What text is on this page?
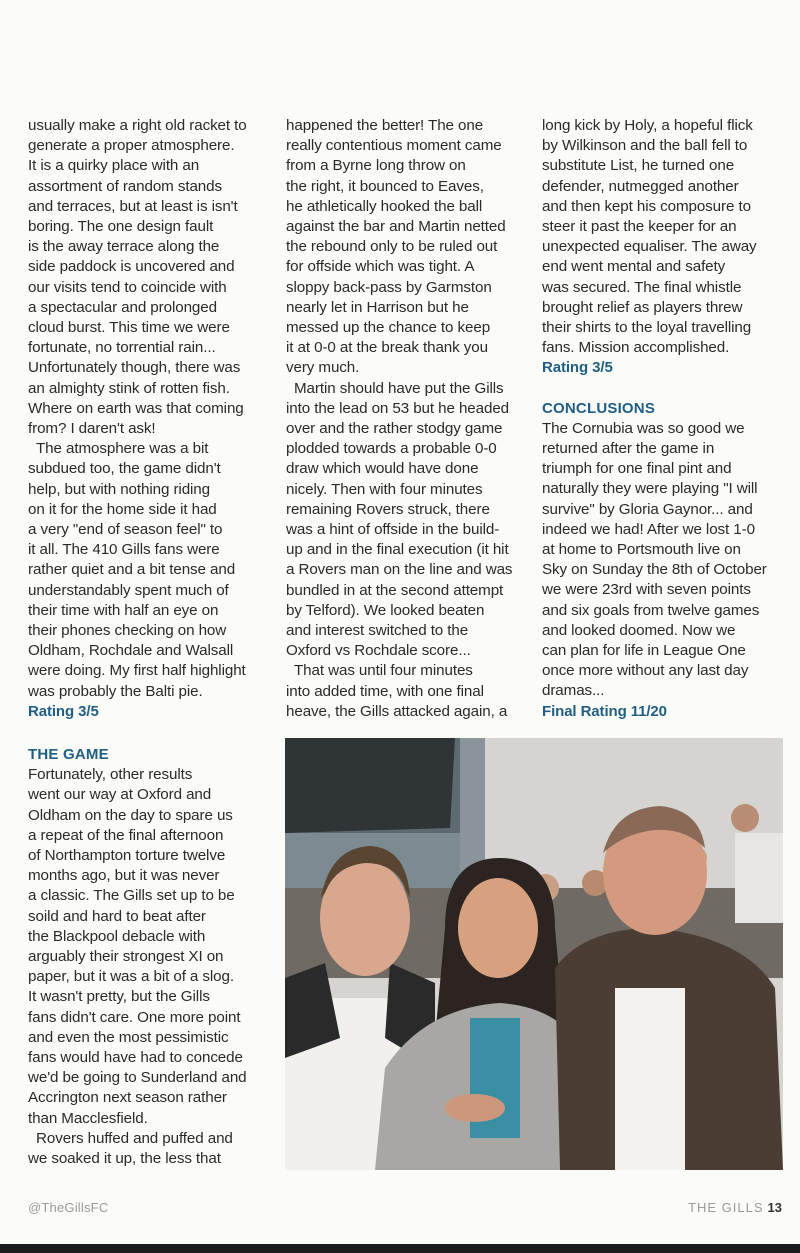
usually make a right old racket to
generate a proper atmosphere.
It is a quirky place with an
assortment of random stands
and terraces, but at least is isn't
boring. The one design fault
is the away terrace along the
side paddock is uncovered and
our visits tend to coincide with
a spectacular and prolonged
cloud burst. This time we were
fortunate, no torrential rain...
Unfortunately though, there was
an almighty stink of rotten fish.
Where on earth was that coming
from? I daren't ask!

The atmosphere was a bit
subdued too, the game didn't
help, but with nothing riding
on it for the home side it had
a very "end of season feel" to
it all. The 410 Gills fans were
rather quiet and a bit tense and
understandably spent much of
their time with half an eye on
their phones checking on how
Oldham, Rochdale and Walsall
were doing. My first half highlight
was probably the Balti pie.

Rating 3/5

happened the better! The one
really contentious moment came
from a Byrne long throw on
the right, it bounced to Eaves,
he athletically hooked the ball
against the bar and Martin netted
the rebound only to be ruled out
for offside which was tight. A
sloppy back-pass by Garmston
nearly let in Harrison but he
messed up the chance to keep
it at 0-0 at the break thank you
very much.

Martin should have put the Gills
into the lead on 53 but he headed
over and the rather stodgy game
plodded towards a probable 0-0
draw which would have done
nicely. Then with four minutes
remaining Rovers struck, there
was a hint of offside in the build-
up and in the final execution (it hit
a Rovers man on the line and was
bundled in at the second attempt
by Telford). We looked beaten
and interest switched to the
Oxford vs Rochdale score...

That was until four minutes
into added time, with one final
heave, the Gills attacked again, a

long kick by Holy, a hopeful flick
by Wilkinson and the ball fell to
substitute List, he turned one
defender, nutmegged another
and then kept his composure to
steer it past the keeper for an
unexpected equaliser. The away
end went mental and safety
was secured. The final whistle
brought relief as players threw
their shirts to the loyal travelling
fans. Mission accomplished.

Rating 3/5

CONCLUSIONS

The Cornubia was so good we
returned after the game in
triumph for one final pint and
naturally they were playing "I will
survive" by Gloria Gaynor... and
indeed we had! After we lost 1-0
at home to Portsmouth live on
Sky on Sunday the 8th of October
we were 23rd with seven points
and six goals from twelve games
and looked doomed. Now we
can plan for life in League One
once more without any last day
dramas...

Final Rating 11/20

THE GAME

Fortunately, other results
went our way at Oxford and
Oldham on the day to spare us
a repeat of the final afternoon
of Northampton torture twelve
months ago, but it was never
a classic. The Gills set up to be
soild and hard to beat after
the Blackpool debacle with
arguably their strongest XI on
paper, but it was a bit of a slog.
It wasn't pretty, but the Gills
fans didn't care. One more point
and even the most pessimistic
fans would have had to concede
we'd be going to Sunderland and
Accrington next season rather
than Macclesfield.

Rovers huffed and puffed and
we soaked it up, the less that

@TheGillsFC	THE GILLS 13
